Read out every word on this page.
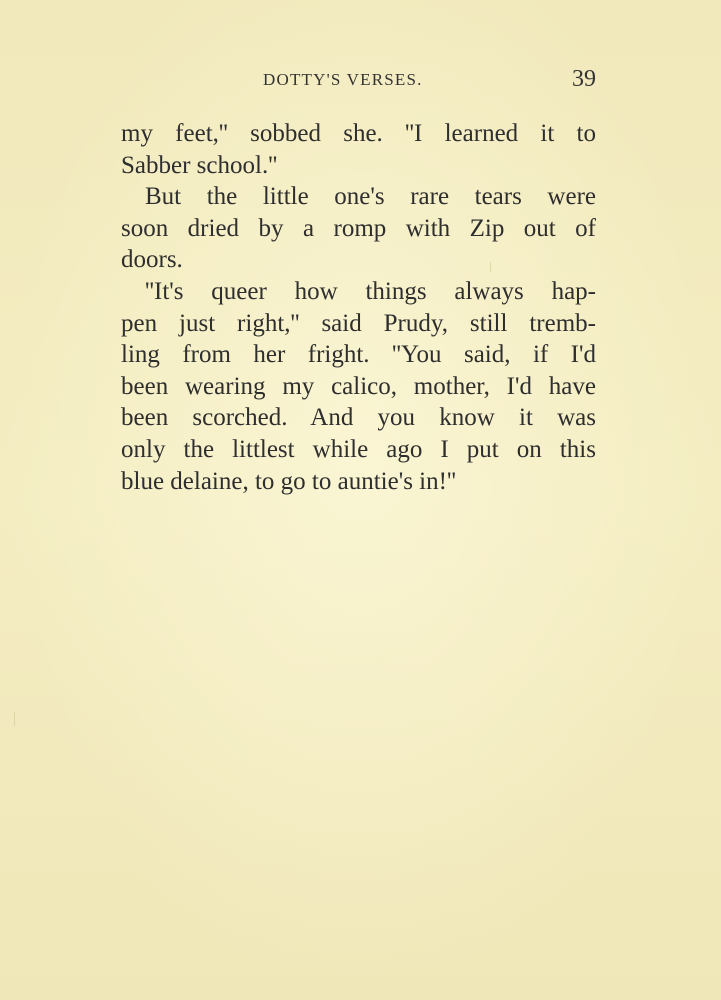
DOTTY'S VERSES.	39
my feet,'' sobbed she. ''I learned it to
Sabber school.''
But the little one's rare tears were
soon dried by a romp with Zip out of
doors.
''It's queer how things always hap-
pen just right,'' said Prudy, still tremb-
ling from her fright. ''You said, if I'd
been wearing my calico, mother, I'd have
been scorched. And you know it was
only the littlest while ago I put on this
blue delaine, to go to auntie's in!''
